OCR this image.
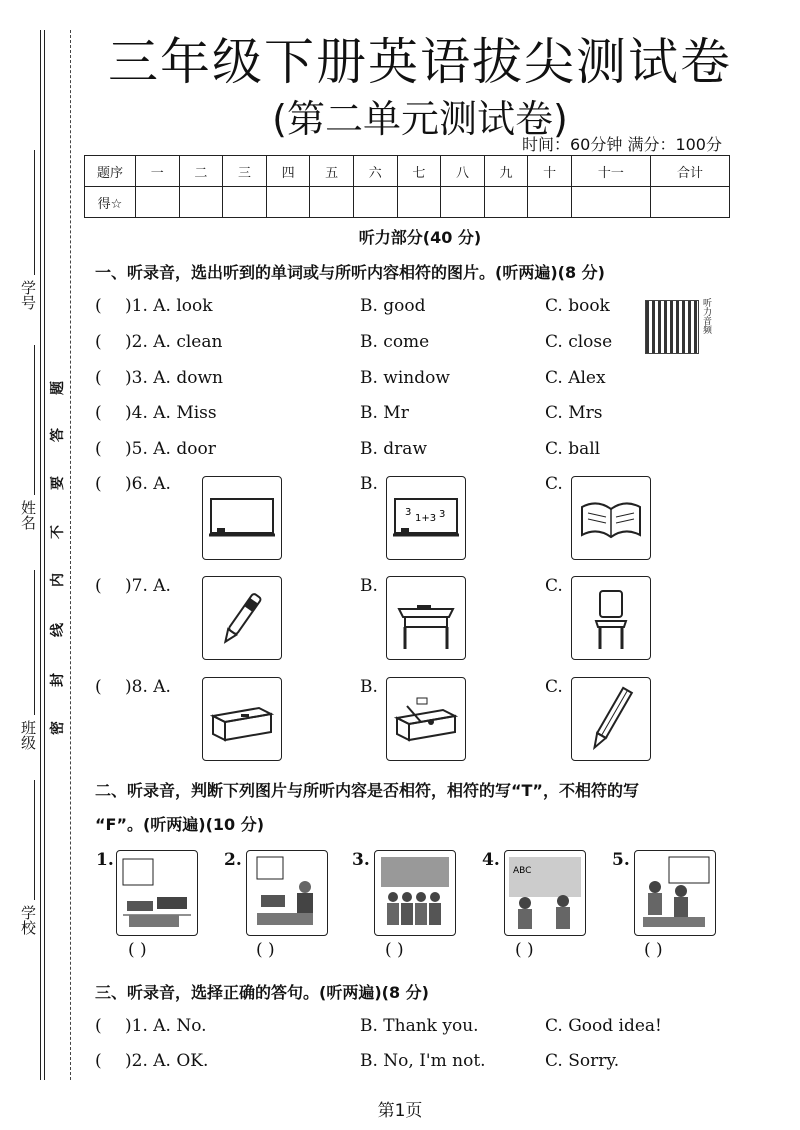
学号
姓名
班级
学校
题
答
要
不
内
线
封
密
三年级下册英语拔尖测试卷
(第二单元测试卷)
时间：60分钟 满分：100分
题序	一	二	三	四	五	六	七	八	九	十	十一	合计
得☆												
听力部分(40 分)
一、听录音，选出听到的单词或与所听内容相符的图片。(听两遍)(8 分)
听力音频
( )1. A. look	B. good	C. book
( )2. A. clean	B. come	C. close
( )3. A. down	B. window	C. Alex
( )4. A. Miss	B. Mr	C. Mrs
( )5. A. door	B. draw	C. ball
( )6. A.	B.	C.
3
1+3 3
( )7. A.	B.	C.
( )8. A.	B.	C.
二、听录音，判断下列图片与所听内容是否相符，相符的写“T”，不相符的写
“F”。(听两遍)(10 分)
1.
( )
2.
( )
3.
( )
4.
ABC
( )
5.
( )
三、听录音，选择正确的答句。(听两遍)(8 分)
( )1. A. No.	B. Thank you.	C. Good idea!
( )2. A. OK.	B. No, I'm not.	C. Sorry.
第1页
